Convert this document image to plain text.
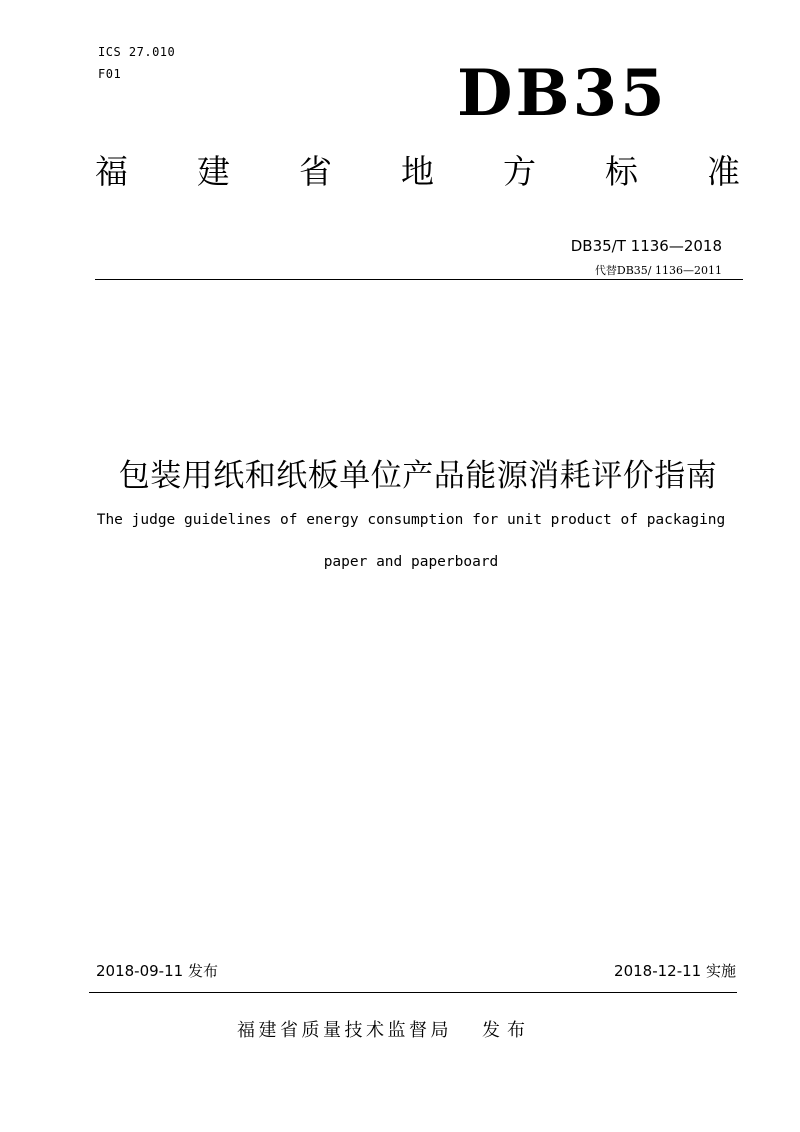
ICS 27.010
F01	DB35
福 建 省 地 方 标 准
DB35/T 1136—2018
代替DB35/ 1136—2011
包装用纸和纸板单位产品能源消耗评价指南
The judge guidelines of energy consumption for unit product of packaging
paper and paperboard
2018-09-11 发布	2018-12-11 实施
福建省质量技术监督局 发布
